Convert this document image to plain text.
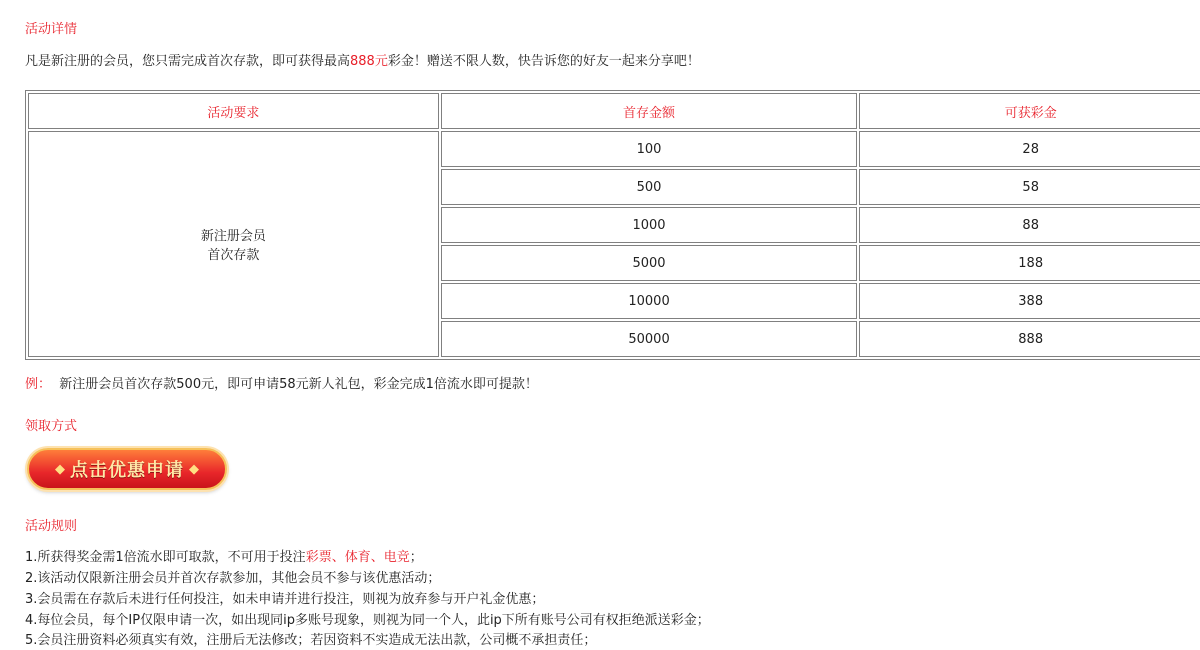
活动详情
凡是新注册的会员，您只需完成首次存款，即可获得最高888元彩金！赠送不限人数，快告诉您的好友一起来分享吧！
活动要求	首存金额	可获彩金

新注册会员
首次存款	100	28
	500	58
	1000	88
	5000	188
	10000	388
	50000	888
例： 新注册会员首次存款500元，即可申请58元新人礼包，彩金完成1倍流水即可提款！
领取方式
◆ 点击优惠申请 ◆
活动规则
1.所获得奖金需1倍流水即可取款，不可用于投注彩票、体育、电竞；
2.该活动仅限新注册会员并首次存款参加，其他会员不参与该优惠活动；
3.会员需在存款后未进行任何投注，如未申请并进行投注，则视为放弃参与开户礼金优惠；
4.每位会员，每个IP仅限申请一次，如出现同ip多账号现象，则视为同一个人，此ip下所有账号公司有权拒绝派送彩金；
5.会员注册资料必须真实有效，注册后无法修改；若因资料不实造成无法出款，公司概不承担责任；
